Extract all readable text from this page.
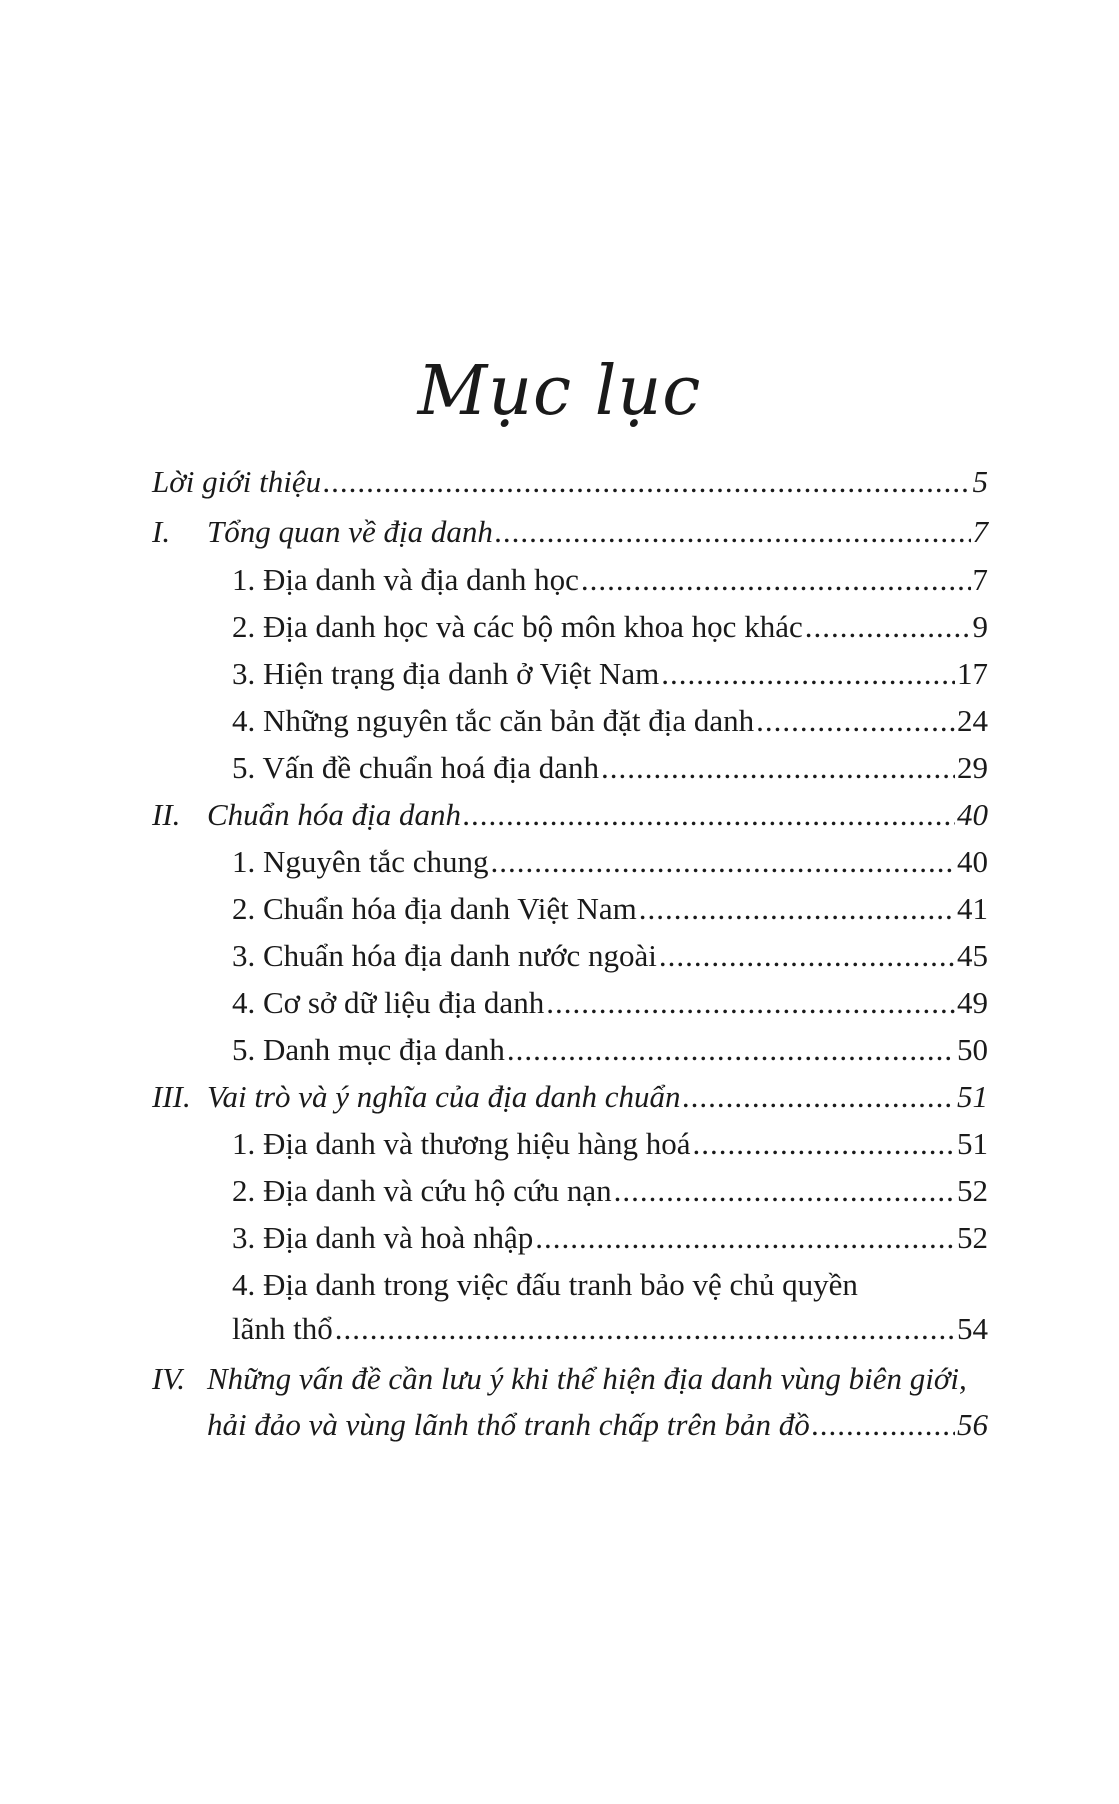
Mục lục
Lời giới thiệu .....	5
I.	Tổng quan về địa danh .....	7
1. Địa danh và địa danh học .....	7
2. Địa danh học và các bộ môn khoa học khác .....	9
3. Hiện trạng địa danh ở Việt Nam .....	17
4. Những nguyên tắc căn bản đặt địa danh .....	24
5. Vấn đề chuẩn hoá địa danh .....	29
II. Chuẩn hóa địa danh .....	40
1. Nguyên tắc chung .....	40
2. Chuẩn hóa địa danh Việt Nam .....	41
3. Chuẩn hóa địa danh nước ngoài .....	45
4. Cơ sở dữ liệu địa danh .....	49
5. Danh mục địa danh .....	50
III. Vai trò và ý nghĩa của địa danh chuẩn .....	51
1. Địa danh và thương hiệu hàng hoá .....	51
2. Địa danh và cứu hộ cứu nạn .....	52
3. Địa danh và hoà nhập .....	52
4. Địa danh trong việc đấu tranh bảo vệ chủ quyền
lãnh thổ .....	54
IV. Những vấn đề cần lưu ý khi thể hiện địa danh vùng biên giới,
hải đảo và vùng lãnh thổ tranh chấp trên bản đồ .....	56
